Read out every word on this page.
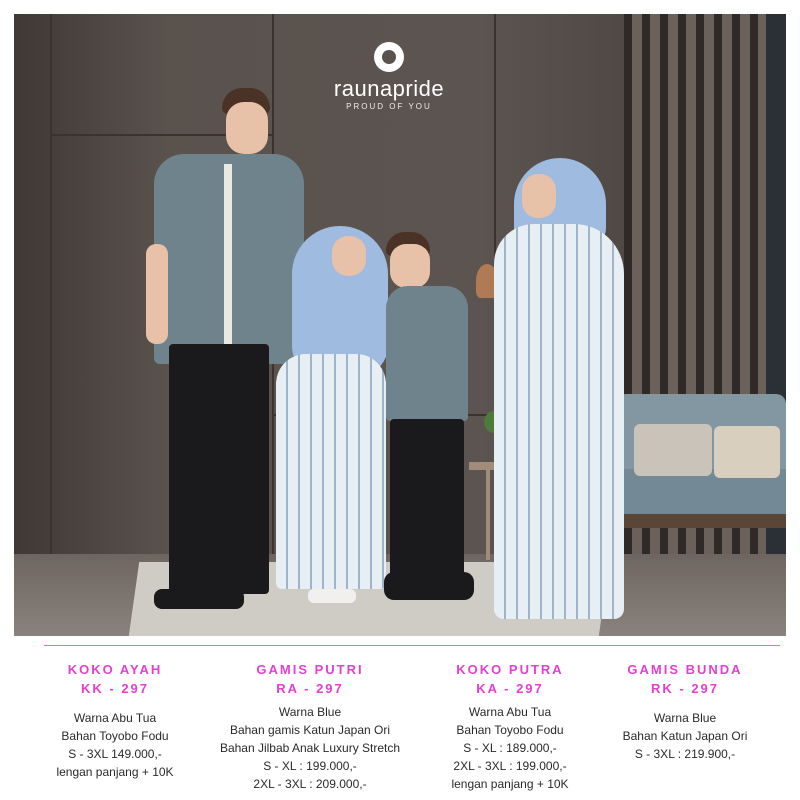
raunapride
PROUD OF YOU
KOKO AYAH
KK - 297
Warna Abu Tua
Bahan Toyobo Fodu
S - 3XL 149.000,-
lengan panjang + 10K
GAMIS PUTRI
RA - 297
Warna Blue
Bahan gamis Katun Japan Ori
Bahan Jilbab Anak Luxury Stretch
S - XL : 199.000,-
2XL - 3XL : 209.000,-
KOKO PUTRA
KA - 297
Warna Abu Tua
Bahan Toyobo Fodu
S - XL : 189.000,-
2XL - 3XL : 199.000,-
lengan panjang + 10K
GAMIS BUNDA
RK - 297
Warna Blue
Bahan Katun Japan Ori
S - 3XL : 219.900,-
